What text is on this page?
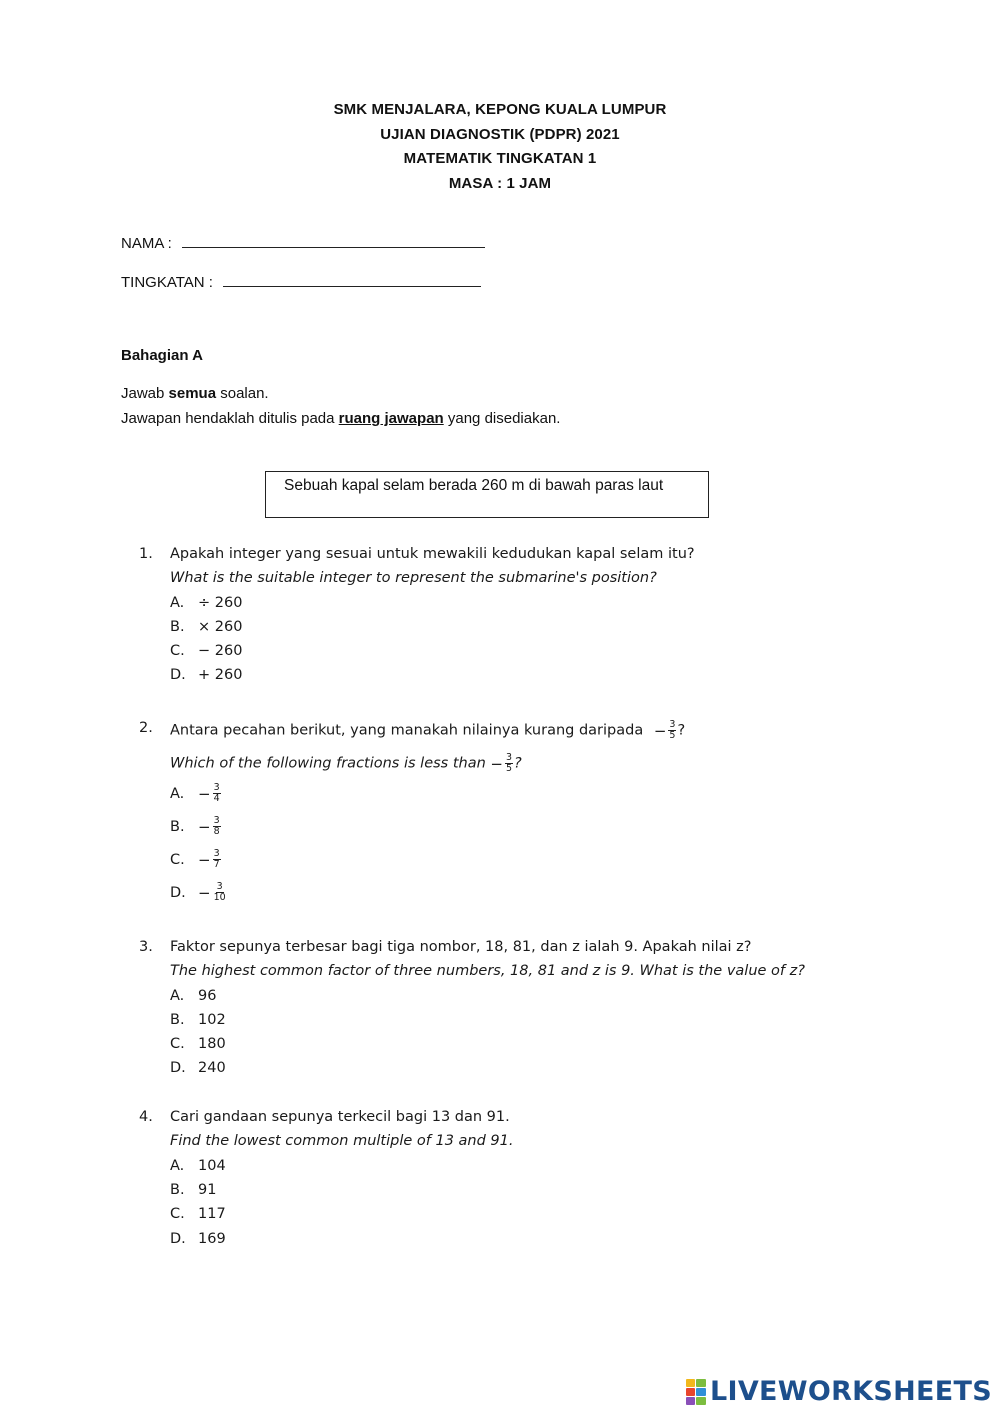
SMK MENJALARA, KEPONG KUALA LUMPUR
UJIAN DIAGNOSTIK (PDPR) 2021
MATEMATIK TINGKATAN 1
MASA : 1 JAM
NAMA :
TINGKATAN :
Bahagian A
Jawab semua soalan.
Jawapan hendaklah ditulis pada ruang jawapan yang disediakan.
Sebuah kapal selam berada 260 m di bawah paras laut
1. Apakah integer yang sesuai untuk mewakili kedudukan kapal selam itu?
What is the suitable integer to represent the submarine's position?
A. ÷ 260
B. × 260
C. − 260
D. + 260
2. Antara pecahan berikut, yang manakah nilainya kurang daripada − $\frac{3}{5}$ ?
Which of the following fractions is less than − $\frac{3}{5}$ ?
A. − $\frac{3}{4}$
B. − $\frac{3}{8}$
C. − $\frac{3}{7}$
D. − $\frac{3}{10}$
3. Faktor sepunya terbesar bagi tiga nombor, 18, 81, dan z ialah 9. Apakah nilai z?
The highest common factor of three numbers, 18, 81 and z is 9. What is the value of z?
A. 96
B. 102
C. 180
D. 240
4. Cari gandaan sepunya terkecil bagi 13 dan 91.
Find the lowest common multiple of 13 and 91.
A. 104
B. 91
C. 117
D. 169
LIVEWORKSHEETS
